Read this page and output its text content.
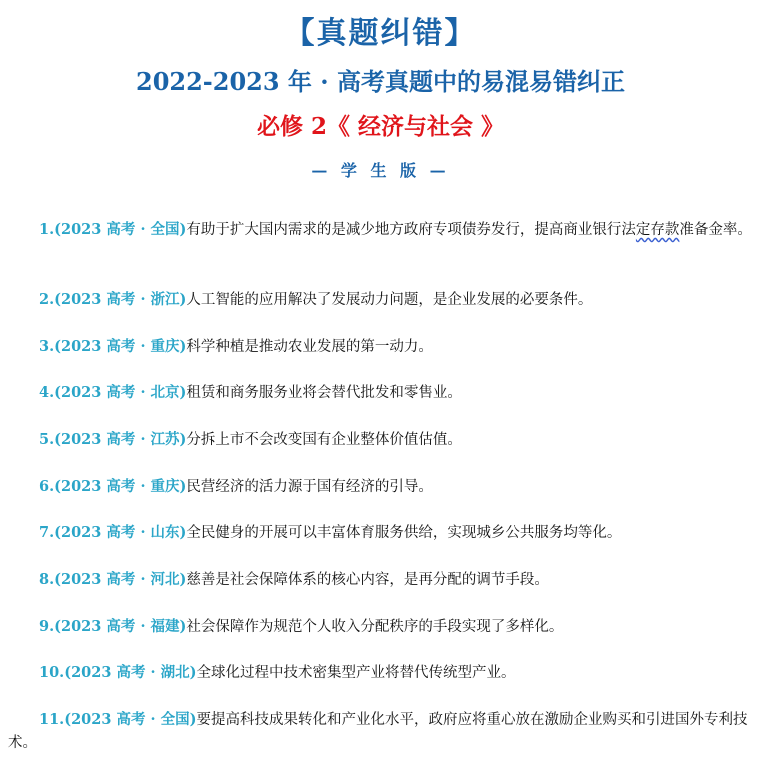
【真题纠错】
2022-2023 年 · 高考真题中的易混易错纠正
必修 2《 经济与社会 》
— 学 生 版 —
1.(2023 高考 · 全国)有助于扩大国内需求的是减少地方政府专项债券发行，提高商业银行法定存款准备金率。
2.(2023 高考 · 浙江)人工智能的应用解决了发展动力问题，是企业发展的必要条件。
3.(2023 高考 · 重庆)科学种植是推动农业发展的第一动力。
4.(2023 高考 · 北京)租赁和商务服务业将会替代批发和零售业。
5.(2023 高考 · 江苏)分拆上市不会改变国有企业整体价值估值。
6.(2023 高考 · 重庆)民营经济的活力源于国有经济的引导。
7.(2023 高考 · 山东)全民健身的开展可以丰富体育服务供给，实现城乡公共服务均等化。
8.(2023 高考 · 河北)慈善是社会保障体系的核心内容，是再分配的调节手段。
9.(2023 高考 · 福建)社会保障作为规范个人收入分配秩序的手段实现了多样化。
10.(2023 高考 · 湖北)全球化过程中技术密集型产业将替代传统型产业。
11.(2023 高考 · 全国)要提高科技成果转化和产业化水平，政府应将重心放在激励企业购买和引进国外专利技术。
